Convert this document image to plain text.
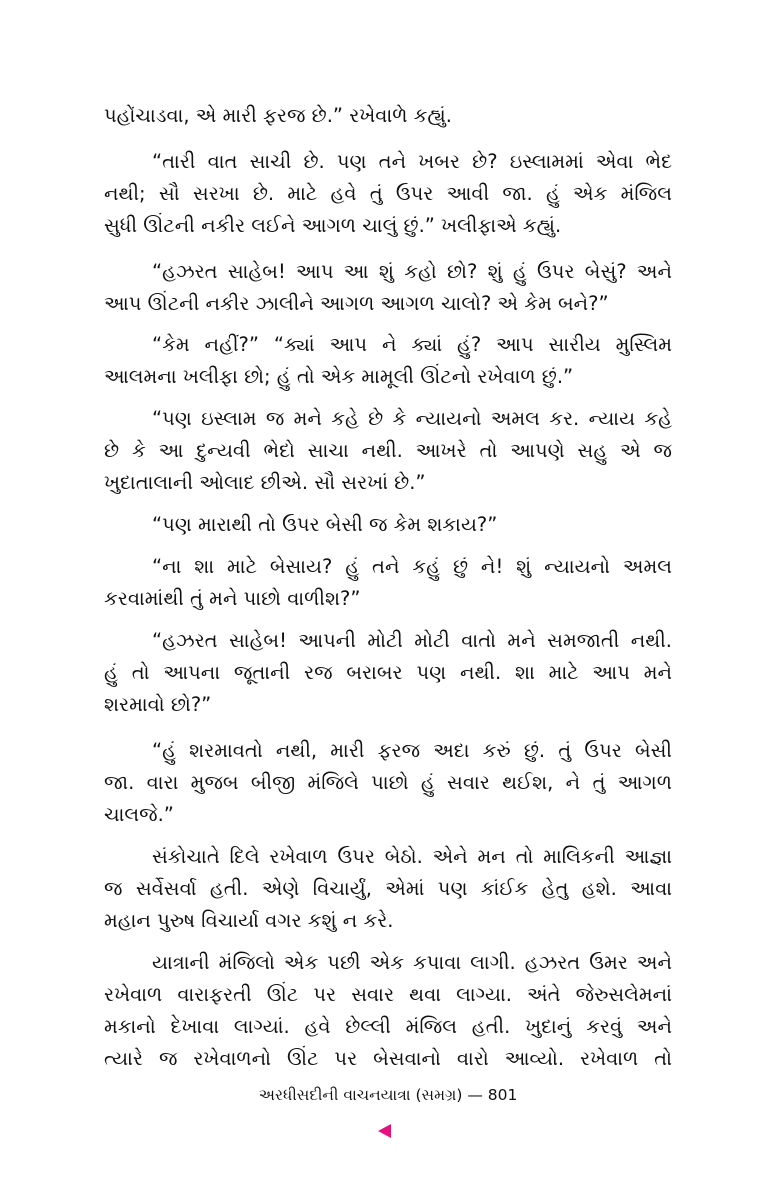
પહોંચાડવા, એ મારી ફરજ છે.” રખેવાળે કહ્યું.
“તારી વાત સાચી છે. પણ તને ખબર છે? ઇસ્લામમાં એવા ભેદ
નથી; સૌ સરખા છે. માટે હવે તું ઉપર આવી જા. હું એક મંજિલ
સુધી ઊંટની નકીર લઈને આગળ ચાલું છું.” ખલીફાએ કહ્યું.
“હઝરત સાહેબ! આપ આ શું કહો છો? શું હું ઉપર બેસું? અને
આપ ઊંટની નકીર ઝાલીને આગળ આગળ ચાલો? એ કેમ બને?”
“કેમ નહીં?” “ક્યાં આપ ને ક્યાં હું? આપ સારીય મુસ્લિમ
આલમના ખલીફા છો; હું તો એક મામૂલી ઊંટનો રખેવાળ છું.”
“પણ ઇસ્લામ જ મને કહે છે કે ન્યાયનો અમલ કર. ન્યાય કહે
છે કે આ દુન્યવી ભેદો સાચા નથી. આખરે તો આપણે સહુ એ જ
ખુદાતાલાની ઓલાદ છીએ. સૌ સરખાં છે.”
“પણ મારાથી તો ઉપર બેસી જ કેમ શકાય?”
“ના શા માટે બેસાય? હું તને કહું છું ને! શું ન્યાયનો અમલ
કરવામાંથી તું મને પાછો વાળીશ?”
“હઝરત સાહેબ! આપની મોટી મોટી વાતો મને સમજાતી નથી.
હું તો આપના જૂતાની રજ બરાબર પણ નથી. શા માટે આપ મને
શરમાવો છો?”
“હું શરમાવતો નથી, મારી ફરજ અદા કરું છું. તું ઉપર બેસી
જા. વારા મુજબ બીજી મંજિલે પાછો હું સવાર થઈશ, ને તું આગળ
ચાલજે.”
સંકોચાતે દિલે રખેવાળ ઉપર બેઠો. એને મન તો માલિકની આજ્ઞા
જ સર્વેસર્વા હતી. એણે વિચાર્યું, એમાં પણ કાંઈક હેતુ હશે. આવા
મહાન પુરુષ વિચાર્યા વગર કશું ન કરે.
યાત્રાની મંજિલો એક પછી એક કપાવા લાગી. હઝરત ઉમર અને
રખેવાળ વારાફરતી ઊંટ પર સવાર થવા લાગ્યા. અંતે જેરુસલેમનાં
મકાનો દેખાવા લાગ્યાં. હવે છેલ્લી મંજિલ હતી. ખુદાનું કરવું અને
ત્યારે જ રખેવાળનો ઊંટ પર બેસવાનો વારો આવ્યો. રખેવાળ તો
અરધીસદીની વાચનયાત્રા (સમગ્ર) — 801
